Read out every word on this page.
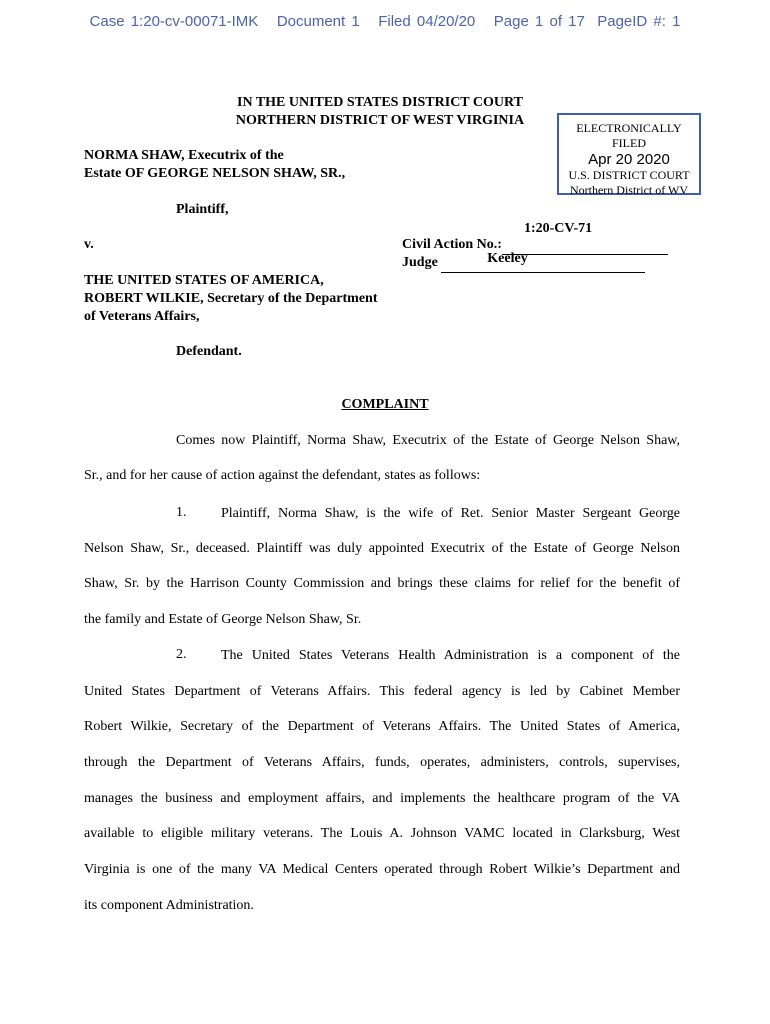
Case 1:20-cv-00071-IMK Document 1 Filed 04/20/20 Page 1 of 17 PageID #: 1
IN THE UNITED STATES DISTRICT COURT
NORTHERN DISTRICT OF WEST VIRGINIA	ELECTRONICALLY
FILED
Apr 20 2020
U.S. DISTRICT COURT
Northern District of WV
NORMA SHAW, Executrix of the
Estate OF GEORGE NELSON SHAW, SR.,
Plaintiff,
v.	Civil Action No.:
1:20-CV-71

Judge	Keeley

THE UNITED STATES OF AMERICA,
ROBERT WILKIE, Secretary of the Department
of Veterans Affairs,
Defendant.
COMPLAINT
Comes now Plaintiff, Norma Shaw, Executrix of the Estate of George Nelson Shaw,
Sr., and for her cause of action against the defendant, states as follows:
1. Plaintiff, Norma Shaw, is the wife of Ret. Senior Master Sergeant George
Nelson Shaw, Sr., deceased. Plaintiff was duly appointed Executrix of the Estate of George Nelson
Shaw, Sr. by the Harrison County Commission and brings these claims for relief for the benefit of
the family and Estate of George Nelson Shaw, Sr.
2. The United States Veterans Health Administration is a component of the
United States Department of Veterans Affairs. This federal agency is led by Cabinet Member
Robert Wilkie, Secretary of the Department of Veterans Affairs. The United States of America,
through the Department of Veterans Affairs, funds, operates, administers, controls, supervises,
manages the business and employment affairs, and implements the healthcare program of the VA
available to eligible military veterans. The Louis A. Johnson VAMC located in Clarksburg, West
Virginia is one of the many VA Medical Centers operated through Robert Wilkie’s Department and
its component Administration.
